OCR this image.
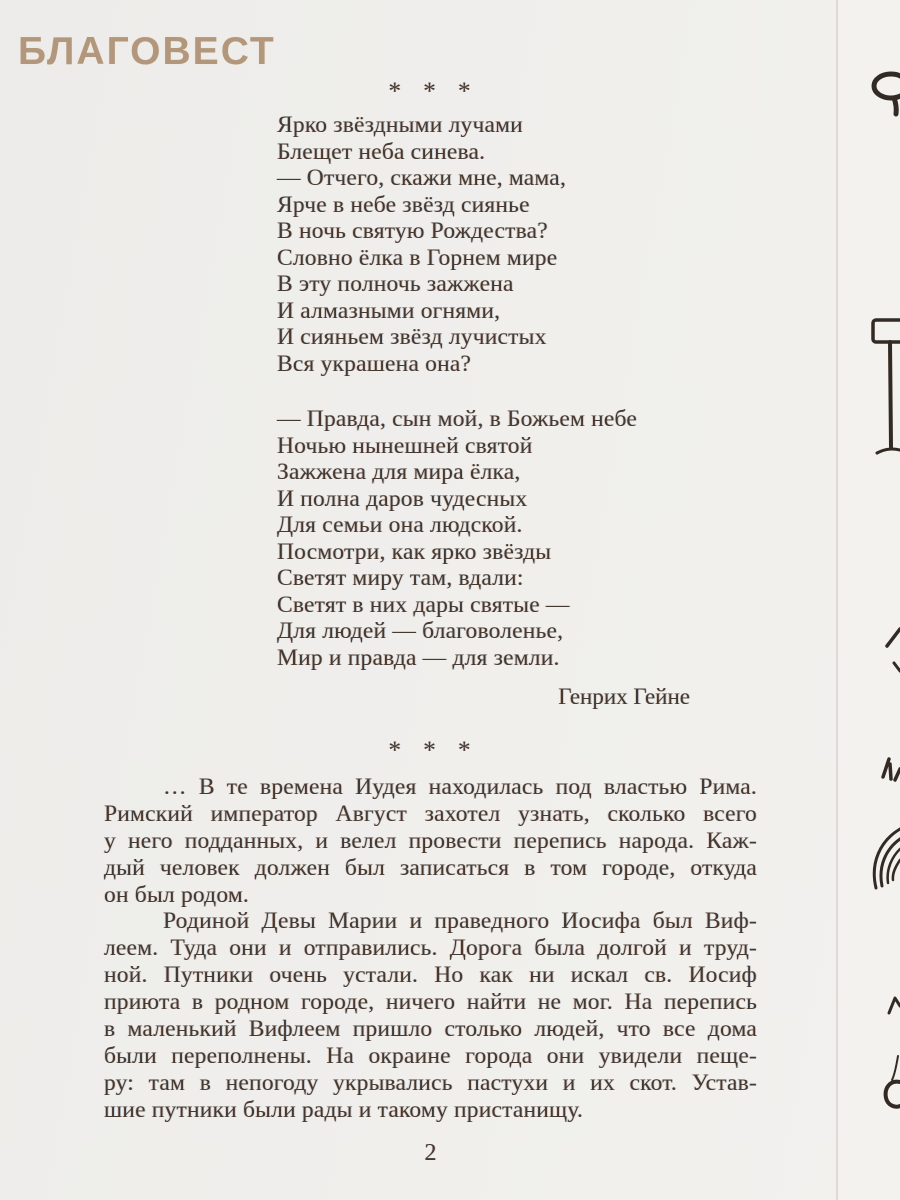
БЛАГОВЕСТ
* * *
Ярко звёздными лучами
Блещет неба синева.
— Отчего, скажи мне, мама,
Ярче в небе звёзд сиянье
В ночь святую Рождества?
Словно ёлка в Горнем мире
В эту полночь зажжена
И алмазными огнями,
И сияньем звёзд лучистых
Вся украшена она?
— Правда, сын мой, в Божьем небе
Ночью нынешней святой
Зажжена для мира ёлка,
И полна даров чудесных
Для семьи она людской.
Посмотри, как ярко звёзды
Светят миру там, вдали:
Светят в них дары святые —
Для людей — благоволенье,
Мир и правда — для земли.
Генрих Гейне
* * *
… В те времена Иудея находилась под властью Рима.
Римский император Август захотел узнать, сколько всего
у него подданных, и велел провести перепись народа. Каж-
дый человек должен был записаться в том городе, откуда
он был родом.
Родиной Девы Марии и праведного Иосифа был Виф-
леем. Туда они и отправились. Дорога была долгой и труд-
ной. Путники очень устали. Но как ни искал св. Иосиф
приюта в родном городе, ничего найти не мог. На перепись
в маленький Вифлеем пришло столько людей, что все дома
были переполнены. На окраине города они увидели пеще-
ру: там в непогоду укрывались пастухи и их скот. Устав-
шие путники были рады и такому пристанищу.
2
